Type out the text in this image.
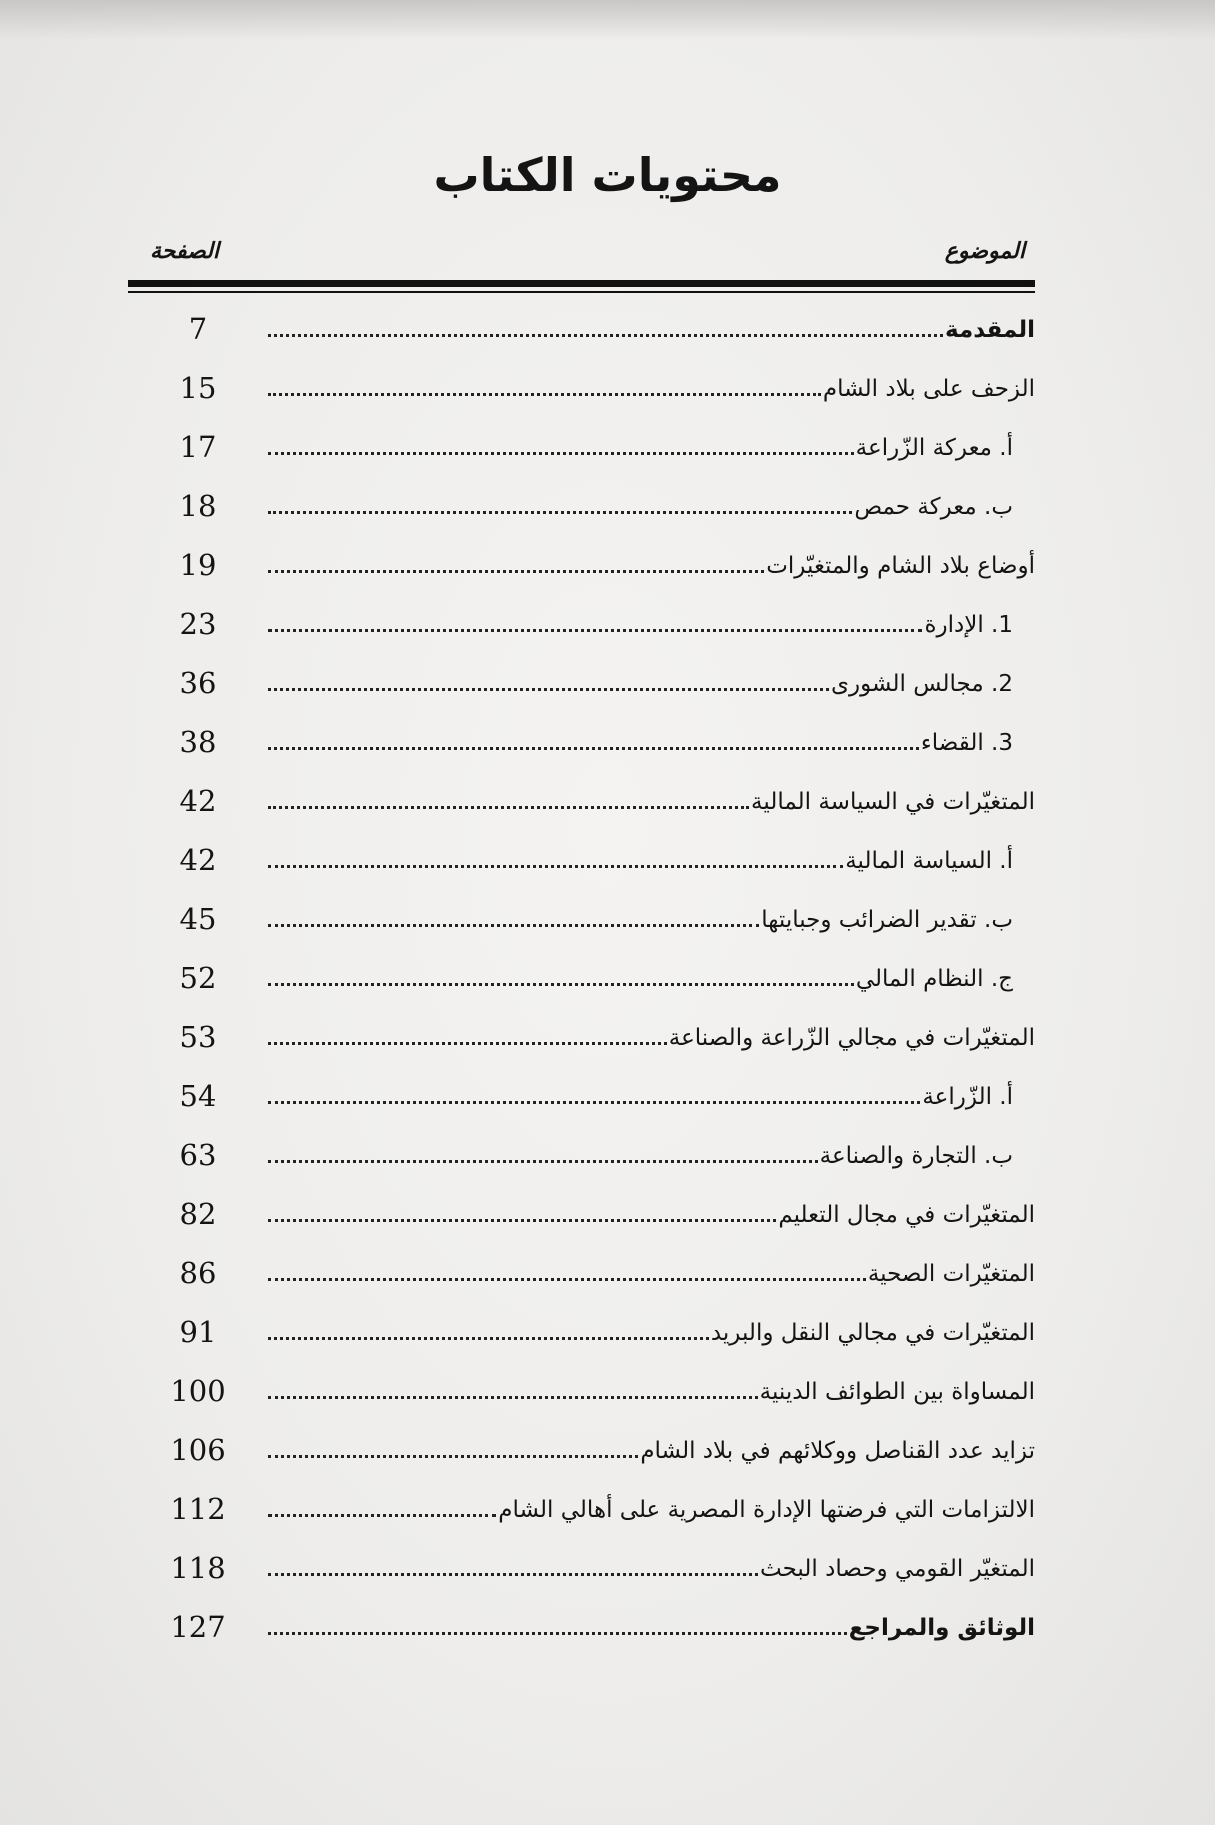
محتويات الكتاب
الموضوع
الصفحة
المقدمة
7
الزحف على بلاد الشام
15
أ. معركة الزّراعة
17
ب. معركة حمص
18
أوضاع بلاد الشام والمتغيّرات
19
1. الإدارة
23
2. مجالس الشورى
36
3. القضاء
38
المتغيّرات في السياسة المالية
42
أ. السياسة المالية
42
ب. تقدير الضرائب وجبايتها
45
ج. النظام المالي
52
المتغيّرات في مجالي الزّراعة والصناعة
53
أ. الزّراعة
54
ب. التجارة والصناعة
63
المتغيّرات في مجال التعليم
82
المتغيّرات الصحية
86
المتغيّرات في مجالي النقل والبريد
91
المساواة بين الطوائف الدينية
100
تزايد عدد القناصل ووكلائهم في بلاد الشام
106
الالتزامات التي فرضتها الإدارة المصرية على أهالي الشام
112
المتغيّر القومي وحصاد البحث
118
الوثائق والمراجع
127
